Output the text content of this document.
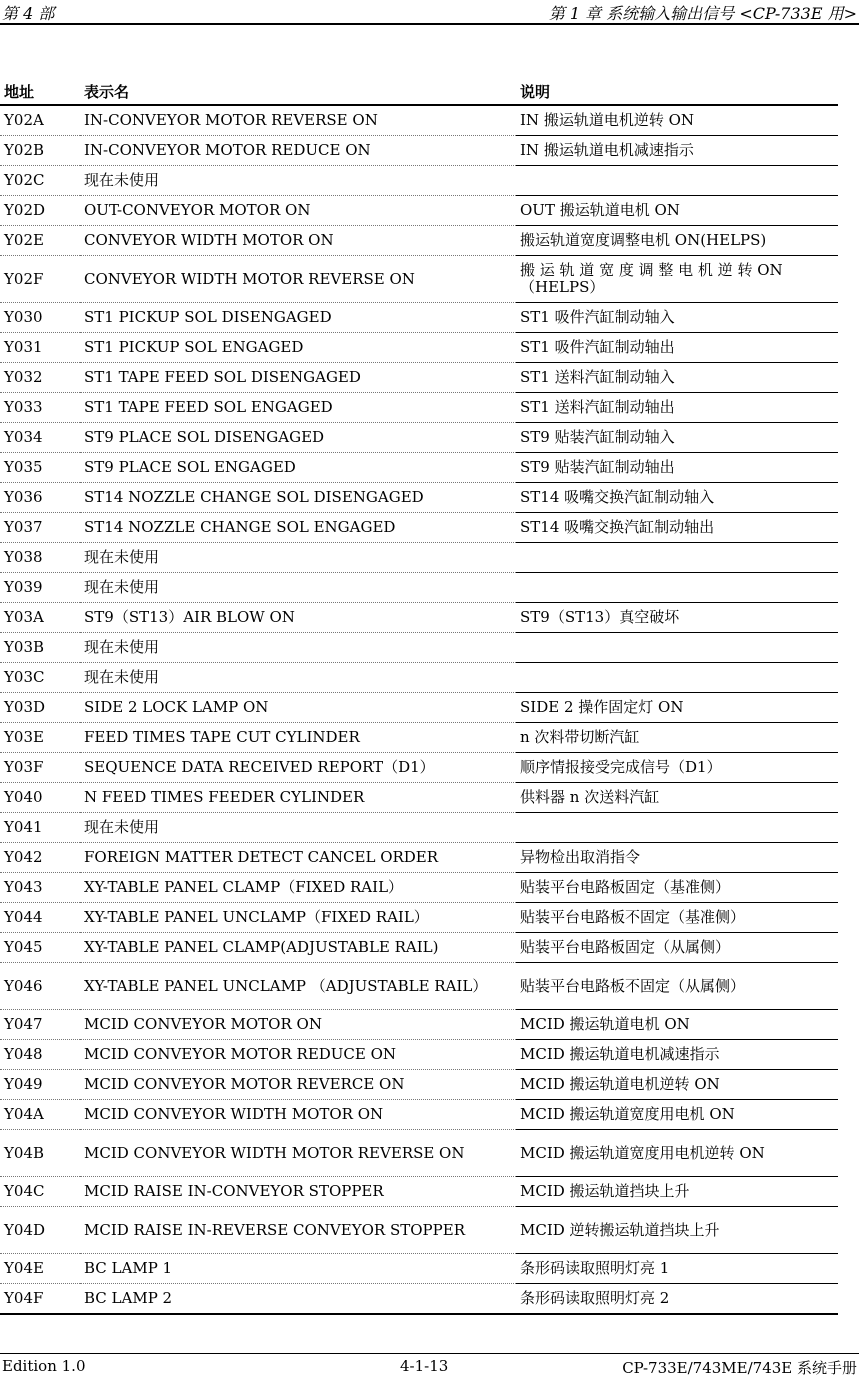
第 4 部	第 1 章 系统输入输出信号 <CP-733E 用>
地址	表示名	说明
Y02A	IN-CONVEYOR MOTOR REVERSE ON	IN 搬运轨道电机逆转 ON
Y02B	IN-CONVEYOR MOTOR REDUCE ON	IN 搬运轨道电机减速指示
Y02C	现在未使用	
Y02D	OUT-CONVEYOR MOTOR ON	OUT 搬运轨道电机 ON
Y02E	CONVEYOR WIDTH MOTOR ON	搬运轨道宽度调整电机 ON(HELPS)
Y02F	CONVEYOR WIDTH MOTOR REVERSE ON	搬 运 轨 道 宽 度 调 整 电 机 逆 转 ON （HELPS）
Y030	ST1 PICKUP SOL DISENGAGED	ST1 吸件汽缸制动轴入
Y031	ST1 PICKUP SOL ENGAGED	ST1 吸件汽缸制动轴出
Y032	ST1 TAPE FEED SOL DISENGAGED	ST1 送料汽缸制动轴入
Y033	ST1 TAPE FEED SOL ENGAGED	ST1 送料汽缸制动轴出
Y034	ST9 PLACE SOL DISENGAGED	ST9 贴装汽缸制动轴入
Y035	ST9 PLACE SOL ENGAGED	ST9 贴装汽缸制动轴出
Y036	ST14 NOZZLE CHANGE SOL DISENGAGED	ST14 吸嘴交换汽缸制动轴入
Y037	ST14 NOZZLE CHANGE SOL ENGAGED	ST14 吸嘴交换汽缸制动轴出
Y038	现在未使用	
Y039	现在未使用	
Y03A	ST9（ST13）AIR BLOW ON	ST9（ST13）真空破坏
Y03B	现在未使用	
Y03C	现在未使用	
Y03D	SIDE 2 LOCK LAMP ON	SIDE 2 操作固定灯 ON
Y03E	FEED TIMES TAPE CUT CYLINDER	n 次料带切断汽缸
Y03F	SEQUENCE DATA RECEIVED REPORT（D1）	顺序情报接受完成信号（D1）
Y040	N FEED TIMES FEEDER CYLINDER	供料器 n 次送料汽缸
Y041	现在未使用	
Y042	FOREIGN MATTER DETECT CANCEL ORDER	异物检出取消指令
Y043	XY-TABLE PANEL CLAMP（FIXED RAIL）	贴装平台电路板固定（基准侧）
Y044	XY-TABLE PANEL UNCLAMP（FIXED RAIL）	贴装平台电路板不固定（基准侧）
Y045	XY-TABLE PANEL CLAMP(ADJUSTABLE RAIL)	贴装平台电路板固定（从属侧）
Y046	XY-TABLE PANEL UNCLAMP （ADJUSTABLE RAIL）	贴装平台电路板不固定（从属侧）
Y047	MCID CONVEYOR MOTOR ON	MCID 搬运轨道电机 ON
Y048	MCID CONVEYOR MOTOR REDUCE ON	MCID 搬运轨道电机减速指示
Y049	MCID CONVEYOR MOTOR REVERCE ON	MCID 搬运轨道电机逆转 ON
Y04A	MCID CONVEYOR WIDTH MOTOR ON	MCID 搬运轨道宽度用电机 ON
Y04B	MCID CONVEYOR WIDTH MOTOR REVERSE ON	MCID 搬运轨道宽度用电机逆转 ON
Y04C	MCID RAISE IN-CONVEYOR STOPPER	MCID 搬运轨道挡块上升
Y04D	MCID RAISE IN-REVERSE CONVEYOR STOPPER	MCID 逆转搬运轨道挡块上升
Y04E	BC LAMP 1	条形码读取照明灯亮 1
Y04F	BC LAMP 2	条形码读取照明灯亮 2
Edition 1.0	4-1-13	CP-733E/743ME/743E 系统手册
